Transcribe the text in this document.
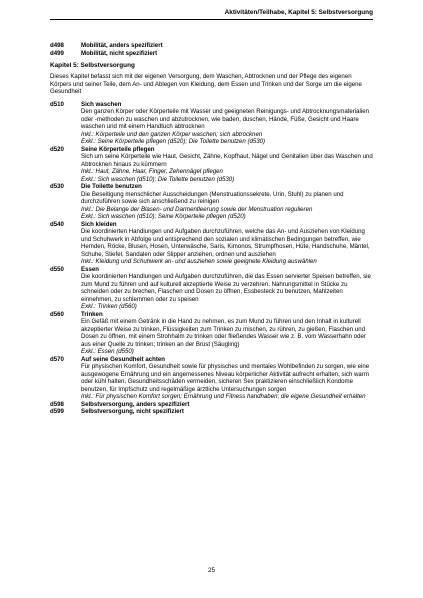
Aktivitäten/Teilhabe, Kapitel 5: Selbstversorgung
d498	Mobilität, anders spezifiziert
d499	Mobilität, nicht spezifiziert
Kapitel 5: Selbstversorgung
Dieses Kapitel befasst sich mit der eigenen Versorgung, dem Waschen, Abtrocknen und der Pflege des eigenen Körpers und seiner Teile, dem An- und Ablegen von Kleidung, dem Essen und Trinken und der Sorge um die eigene Gesundheit
d510	Sich waschen
Den ganzen Körper oder Körperteile mit Wasser und geeigneten Reinigungs- und Abtrocknungsmaterialien oder -methoden zu waschen und abzutrocknen, wie baden, duschen, Hände, Füße, Gesicht und Haare waschen und mit einem Handtuch abtrocknen
Inkl.: Körperteile und den ganzen Körper waschen; sich abtrocknen
Exkl.: Seine Körperteile pflegen (d520); Die Toilette benutzen (d530)
d520	Seine Körperteile pflegen
Sich um seine Körperteile wie Haut, Gesicht, Zähne, Kopfhaut, Nägel und Genitalien über das Waschen und Abtrocknen hinaus zu kümmern
Inkl.: Haut, Zähne, Haar, Finger, Zehennägel pflegen
Exkl.: Sich waschen (d510); Die Toilette benutzen (d530)
d530	Die Toilette benutzen
Die Beseitigung menschlicher Ausscheidungen (Menstruationssekrete, Urin, Stuhl) zu planen und durchzuführen sowie sich anschließend zu reinigen
Inkl.: Die Belange der Blasen- und Darmentleerung sowie der Menstruation regulieren
Exkl.: Sich waschen (d510); Seine Körperteile pflegen (d520)
d540	Sich kleiden
Die koordinierten Handlungen und Aufgaben durchzuführen, welche das An- und Ausziehen von Kleidung und Schuhwerk in Abfolge und entsprechend den sozialen und klimatischen Bedingungen betreffen, wie Hemden, Röcke, Blusen, Hosen, Unterwäsche, Saris, Kimonos, Strumpfhosen, Hüte, Handschuhe, Mäntel, Schuhe, Stiefel, Sandalen oder Slipper anziehen, ordnen und ausziehen
Inkl.: Kleidung und Schuhwerk an- und ausziehen sowie geeignete Kleidung auswählen
d550	Essen
Die koordinierten Handlungen und Aufgaben durchzuführen, die das Essen servierter Speisen betreffen, sie zum Mund zu führen und auf kulturell akzeptierte Weise zu verzehren. Nahrungsmittel in Stücke zu schneiden oder zu brechen, Flaschen und Dosen zu öffnen, Essbesteck zu benutzen, Mahlzeiten einnehmen, zu schlemmen oder zu speisen
Exkl.: Trinken (d560)
d560	Trinken
Ein Gefäß mit einem Getränk in die Hand zu nehmen, es zum Mund zu führen und den Inhalt in kulturell akzeptierter Weise zu trinken, Flüssigkeiten zum Trinken zu mischen, zu rühren, zu gießen, Flaschen und Dosen zu öffnen, mit einem Strohhalm zu trinken oder fließendes Wasser wie z. B. vom Wasserhahn oder aus einer Quelle zu trinken; trinken an der Brust (Säugling)
Exkl.: Essen (d550)
d570	Auf seine Gesundheit achten
Für physischen Komfort, Gesundheit sowie für physisches und mentales Wohlbefinden zu sorgen, wie eine ausgewogene Ernährung und ein angemessenes Niveau körperlicher Aktivität aufrecht erhalten, sich warm oder kühl halten, Gesundheitsschäden vermeiden, sicheren Sex praktizieren einschließlich Kondome benutzen, für Impfschutz und regelmäßige ärztliche Untersuchungen sorgen
Inkl.: Für physischen Komfort sorgen; Ernährung und Fitness handhaben; die eigene Gesundheit erhalten
d598	Selbstversorgung, anders spezifiziert
d599	Selbstversorgung, nicht spezifiziert
25
